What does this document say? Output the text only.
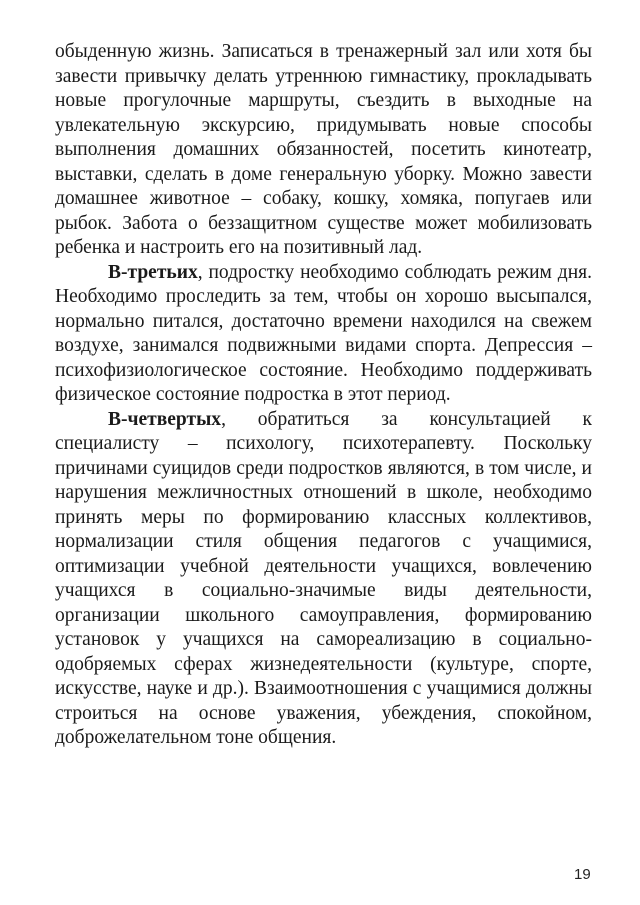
обыденную жизнь. Записаться в тренажерный зал или хотя бы завести привычку делать утреннюю гимнастику, прокладывать новые прогулочные маршруты, съездить в выходные на увлекательную экскурсию, придумывать новые способы выполнения домашних обязанностей, посетить кинотеатр, выставки, сделать в доме генеральную уборку. Можно завести домашнее животное – собаку, кошку, хомяка, попугаев или рыбок. Забота о беззащитном существе может мобилизовать ребенка и настроить его на позитивный лад.

В-третьих, подростку необходимо соблюдать режим дня. Необходимо проследить за тем, чтобы он хорошо высыпался, нормально питался, достаточно времени находился на свежем воздухе, занимался подвижными видами спорта. Депрессия – психофизиологическое состояние. Необходимо поддерживать физическое состояние подростка в этот период.

В-четвертых, обратиться за консультацией к специалисту – психологу, психотерапевту. Поскольку причинами суицидов среди подростков являются, в том числе, и нарушения межличностных отношений в школе, необходимо принять меры по формированию классных коллективов, нормализации стиля общения педагогов с учащимися, оптимизации учебной деятельности учащихся, вовлечению учащихся в социально-значимые виды деятельности, организации школьного самоуправления, формированию установок у учащихся на самореализацию в социально-одобряемых сферах жизнедеятельности (культуре, спорте, искусстве, науке и др.). Взаимоотношения с учащимися должны строиться на основе уважения, убеждения, спокойном, доброжелательном тоне общения.

19
